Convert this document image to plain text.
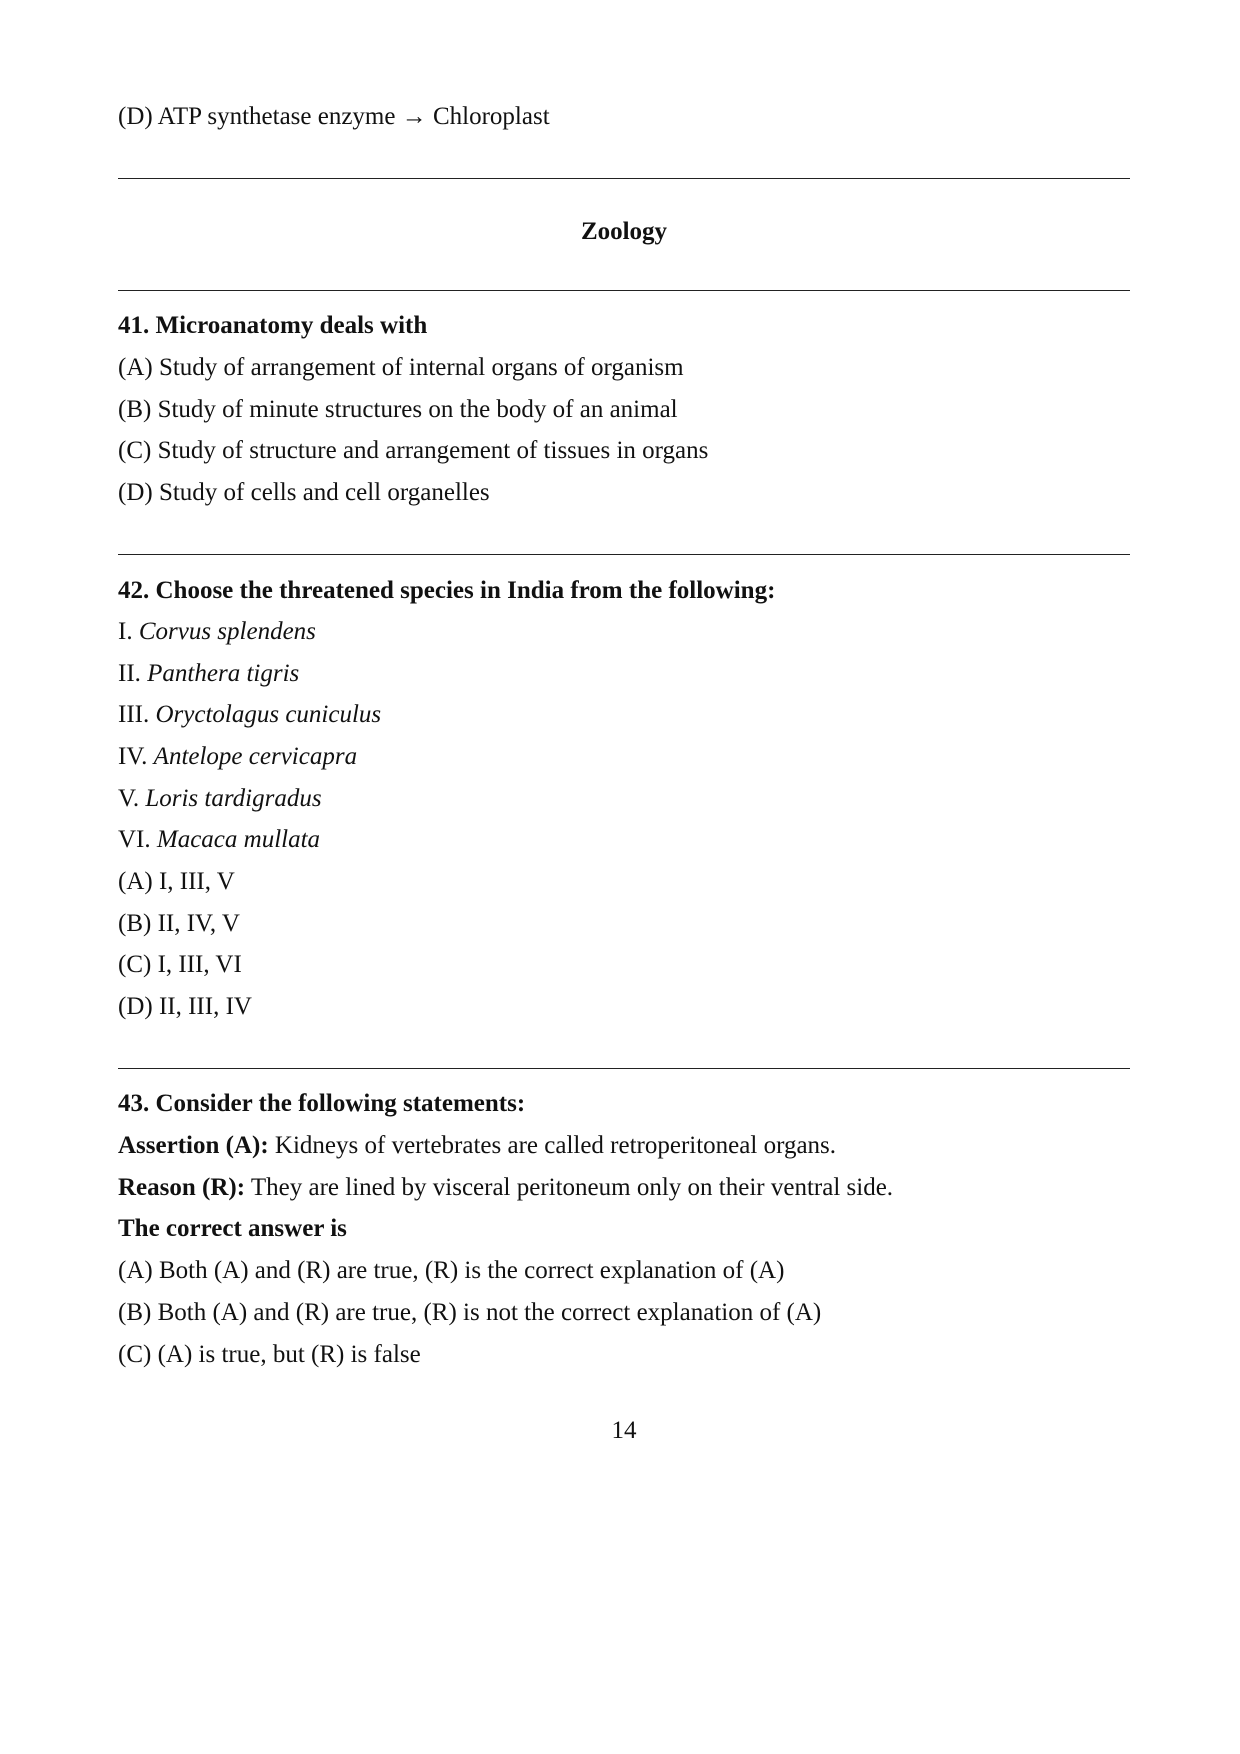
(D) ATP synthetase enzyme → Chloroplast
Zoology
41. Microanatomy deals with
(A) Study of arrangement of internal organs of organism
(B) Study of minute structures on the body of an animal
(C) Study of structure and arrangement of tissues in organs
(D) Study of cells and cell organelles
42. Choose the threatened species in India from the following:
I. Corvus splendens
II. Panthera tigris
III. Oryctolagus cuniculus
IV. Antelope cervicapra
V. Loris tardigradus
VI. Macaca mullata
(A) I, III, V
(B) II, IV, V
(C) I, III, VI
(D) II, III, IV
43. Consider the following statements:
Assertion (A): Kidneys of vertebrates are called retroperitoneal organs.
Reason (R): They are lined by visceral peritoneum only on their ventral side.
The correct answer is
(A) Both (A) and (R) are true, (R) is the correct explanation of (A)
(B) Both (A) and (R) are true, (R) is not the correct explanation of (A)
(C) (A) is true, but (R) is false
14
